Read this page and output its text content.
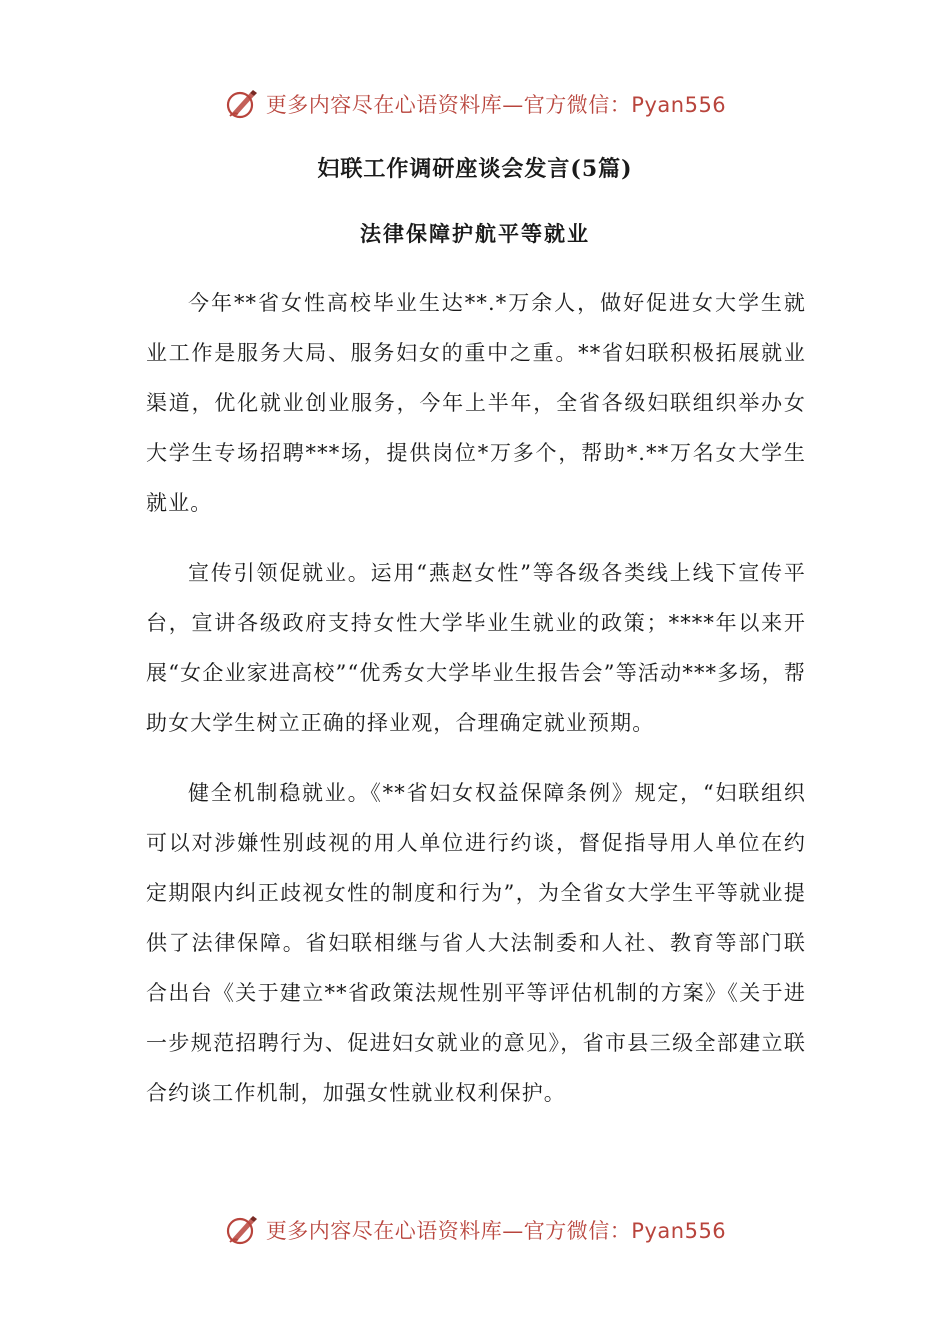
更多内容尽在心语资料库—官方微信：Pyan556
妇联工作调研座谈会发言(5篇)
法律保障护航平等就业

今年**省女性高校毕业生达**.*万余人，做好促进女大学生就业工作是服务大局、服务妇女的重中之重。**省妇联积极拓展就业渠道，优化就业创业服务，今年上半年，全省各级妇联组织举办女大学生专场招聘***场，提供岗位*万多个，帮助*.**万名女大学生就业。

宣传引领促就业。运用“燕赵女性”等各级各类线上线下宣传平台，宣讲各级政府支持女性大学毕业生就业的政策；****年以来开展“女企业家进高校”“优秀女大学毕业生报告会”等活动***多场，帮助女大学生树立正确的择业观，合理确定就业预期。

健全机制稳就业。《**省妇女权益保障条例》规定，“妇联组织可以对涉嫌性别歧视的用人单位进行约谈，督促指导用人单位在约定期限内纠正歧视女性的制度和行为”，为全省女大学生平等就业提供了法律保障。省妇联相继与省人大法制委和人社、教育等部门联合出台《关于建立**省政策法规性别平等评估机制的方案》《关于进一步规范招聘行为、促进妇女就业的意见》，省市县三级全部建立联合约谈工作机制，加强女性就业权利保护。

更多内容尽在心语资料库—官方微信：Pyan556
